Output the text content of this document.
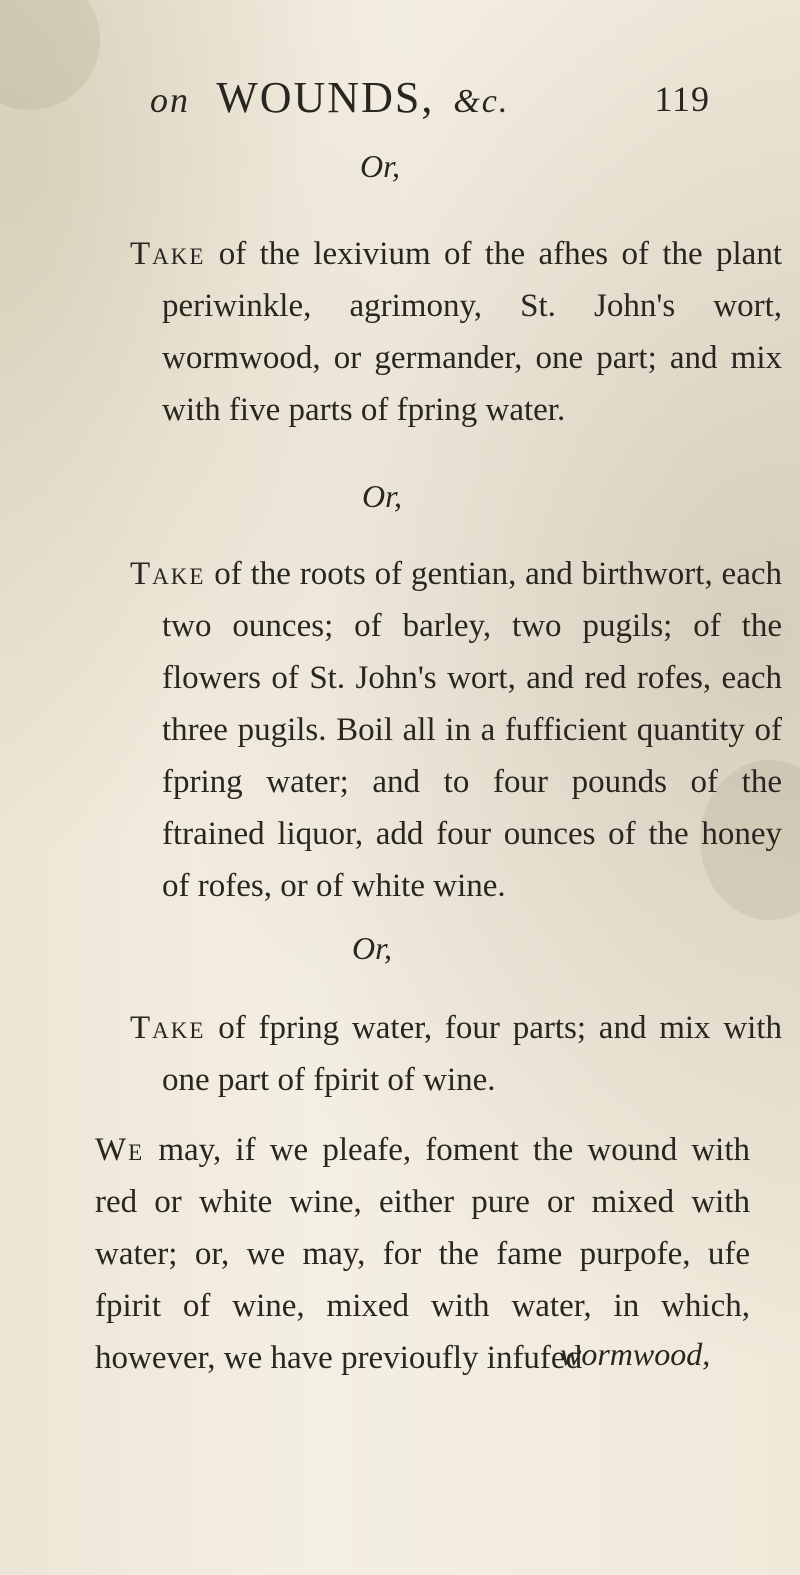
on WOUNDS, &c.	119
Or,

Take of the lexivium of the afhes of the plant periwinkle, agrimony, St. John's wort, wormwood, or germander, one part; and mix with five parts of fpring water.

Or,

Take of the roots of gentian, and birthwort, each two ounces; of barley, two pugils; of the flowers of St. John's wort, and red rofes, each three pugils. Boil all in a fufficient quantity of fpring water; and to four pounds of the ftrained liquor, add four ounces of the honey of rofes, or of white wine.

Or,

Take of fpring water, four parts; and mix with one part of fpirit of wine.

We may, if we pleafe, foment the wound with red or white wine, either pure or mixed with water; or, we may, for the fame purpofe, ufe fpirit of wine, mixed with water, in which, however, we have previoufly infufed

wormwood,
